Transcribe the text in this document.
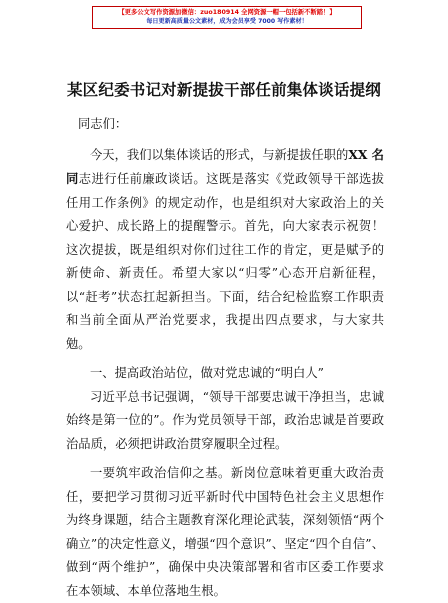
【更多公文写作资源加微信：zuo180914 全网资源一帽一包括新不断踏！】
每日更新高质量公文素材，成为会员享受 7000 写作素材！
某区纪委书记对新提拔干部任前集体谈话提纲

同志们：

今天，我们以集体谈话的形式，与新提拔任职的XX 名同志进行任前廉政谈话。这既是落实《党政领导干部选拔任用工作条例》的规定动作，也是组织对大家政治上的关心爱护、成长路上的提醒警示。首先，向大家表示祝贺！这次提拔，既是组织对你们过往工作的肯定，更是赋予的新使命、新责任。希望大家以“归零”心态开启新征程，以“赶考”状态扛起新担当。下面，结合纪检监察工作职责和当前全面从严治党要求，我提出四点要求，与大家共勉。

一、提高政治站位，做对党忠诚的“明白人”

习近平总书记强调，“领导干部要忠诚干净担当，忠诚始终是第一位的”。作为党员领导干部，政治忠诚是首要政治品质，必须把讲政治贯穿履职全过程。

一要筑牢政治信仰之基。新岗位意味着更重大政治责任，要把学习贯彻习近平新时代中国特色社会主义思想作为终身课题，结合主题教育深化理论武装，深刻领悟“两个确立”的决定性意义，增强“四个意识”、坚定“四个自信”、做到“两个维护”，确保中央决策部署和省市区委工作要求在本领域、本单位落地生根。
